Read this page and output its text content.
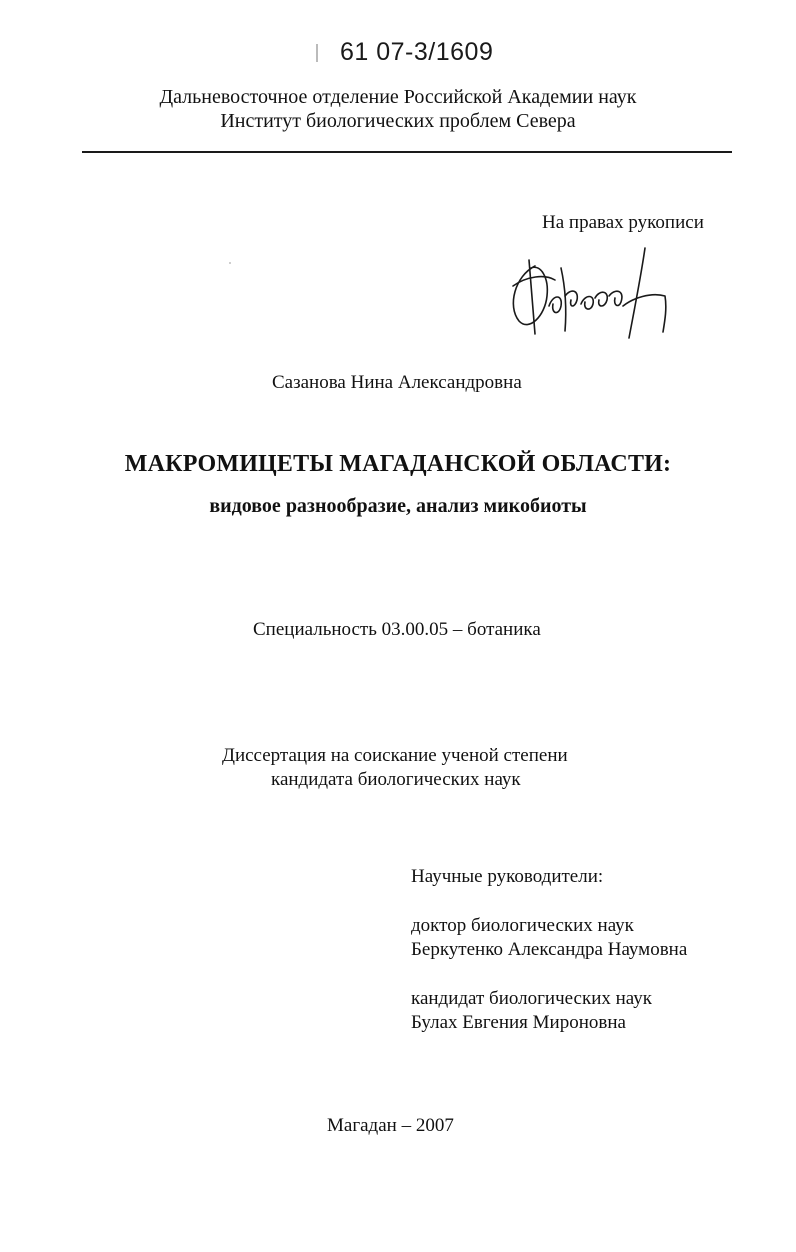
61 07-3/1609
Дальневосточное отделение Российской Академии наук
Институт биологических проблем Севера
На правах рукописи
Сазанова Нина Александровна
МАКРОМИЦЕТЫ МАГАДАНСКОЙ ОБЛАСТИ:
видовое разнообразие, анализ микобиоты
Специальность 03.00.05 – ботаника
Диссертация на соискание ученой степени
кандидата биологических наук
Научные руководители:
доктор биологических наук
Беркутенко Александра Наумовна
кандидат биологических наук
Булах Евгения Мироновна
Магадан – 2007
